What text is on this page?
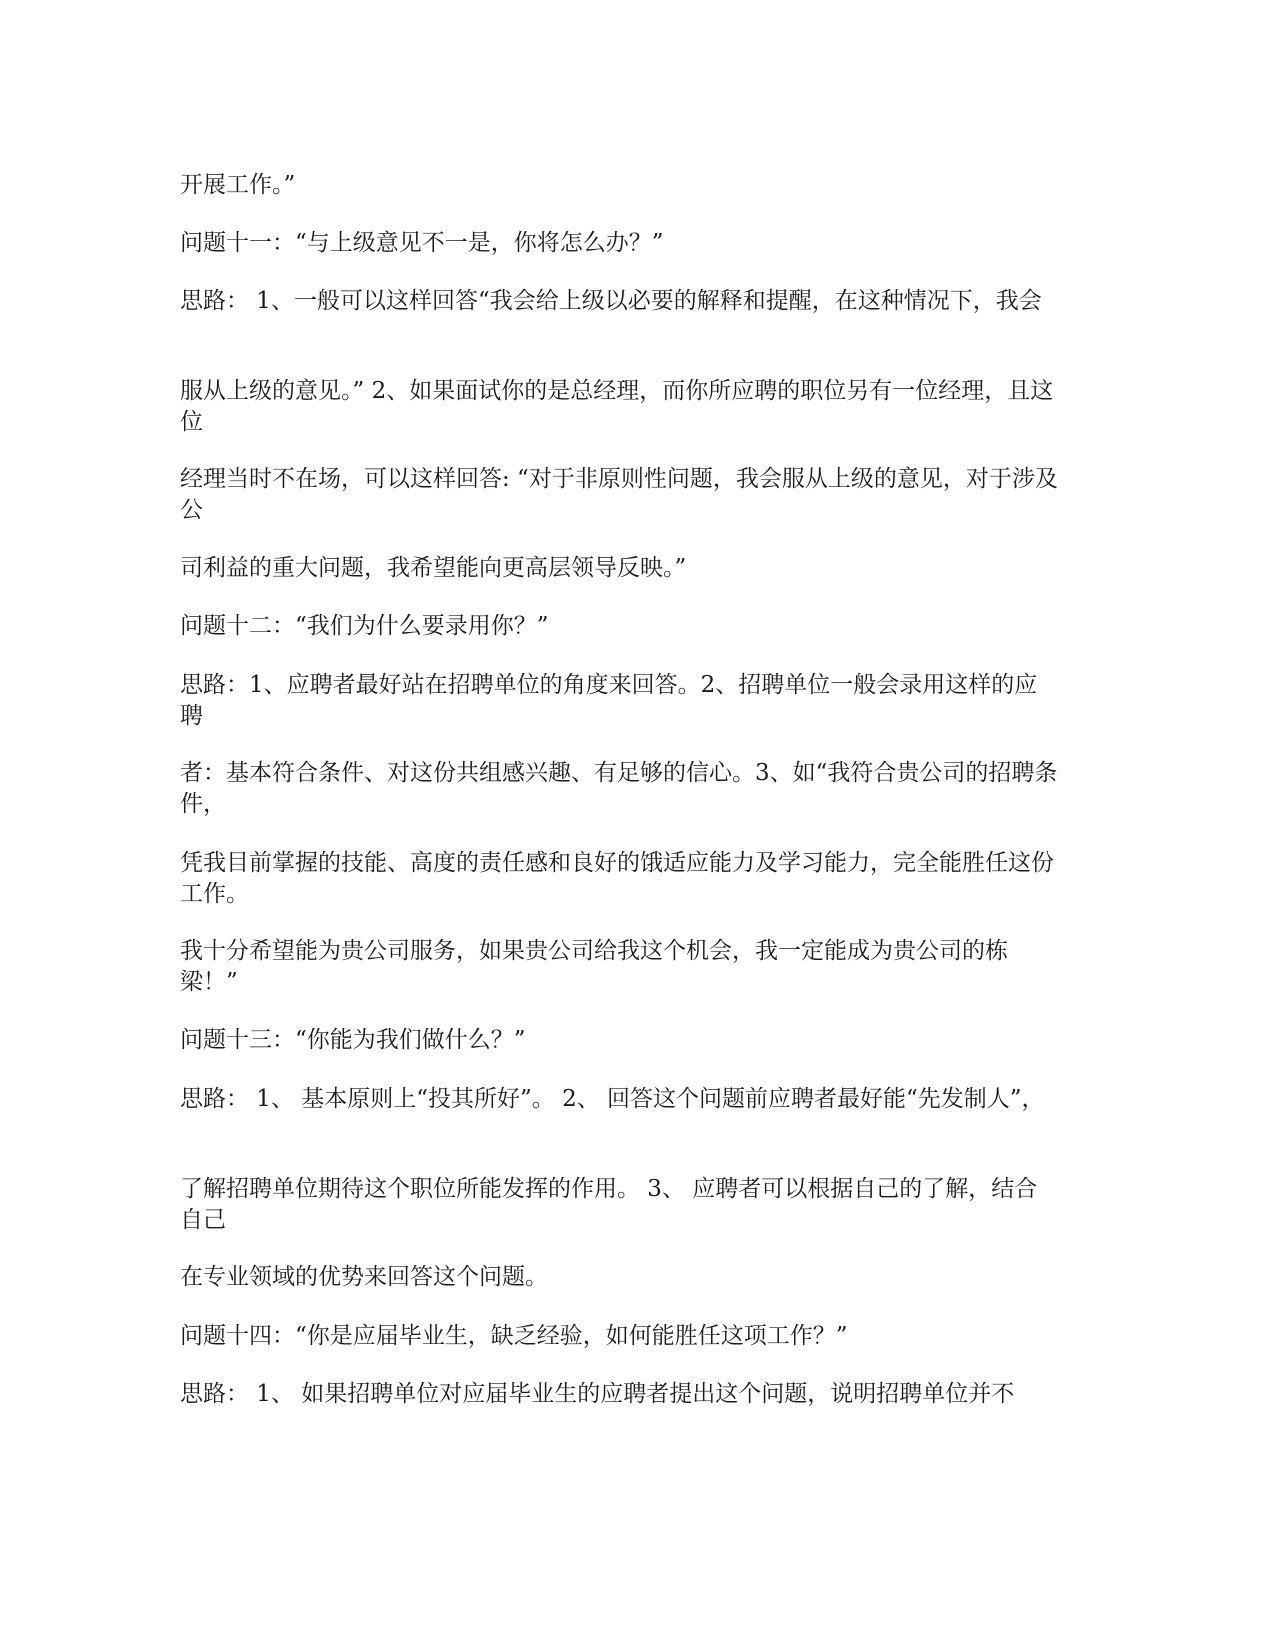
开展工作。”

问题十一：“与上级意见不一是，你将怎么办？”

思路： 1、一般可以这样回答“我会给上级以必要的解释和提醒，在这种情况下，我会

服从上级的意见。” 2、如果面试你的是总经理，而你所应聘的职位另有一位经理，且这位

经理当时不在场，可以这样回答: “对于非原则性问题，我会服从上级的意见，对于涉及公

司利益的重大问题，我希望能向更高层领导反映。”

问题十二：“我们为什么要录用你？”

思路：1、应聘者最好站在招聘单位的角度来回答。2、招聘单位一般会录用这样的应聘

者：基本符合条件、对这份共组感兴趣、有足够的信心。3、如“我符合贵公司的招聘条件，

凭我目前掌握的技能、高度的责任感和良好的饿适应能力及学习能力，完全能胜任这份工作。

我十分希望能为贵公司服务，如果贵公司给我这个机会，我一定能成为贵公司的栋梁！”

问题十三：“你能为我们做什么？”

思路： 1、 基本原则上“投其所好”。 2、 回答这个问题前应聘者最好能“先发制人”，

了解招聘单位期待这个职位所能发挥的作用。 3、 应聘者可以根据自己的了解，结合自己

在专业领域的优势来回答这个问题。

问题十四：“你是应届毕业生，缺乏经验，如何能胜任这项工作？”

思路： 1、 如果招聘单位对应届毕业生的应聘者提出这个问题，说明招聘单位并不
